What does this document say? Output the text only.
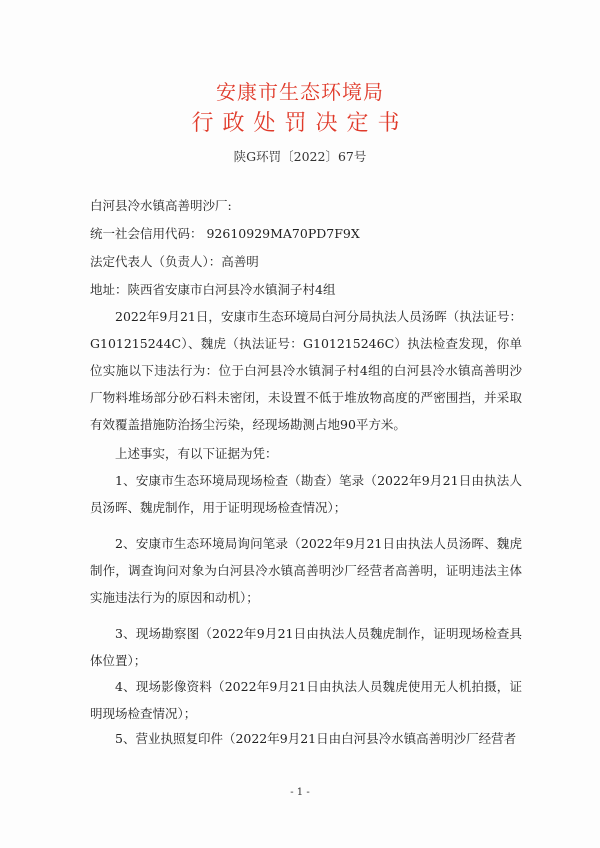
安康市生态环境局
行政处罚决定书
陕G环罚〔2022〕67号
白河县冷水镇高善明沙厂:
统一社会信用代码： 92610929MA70PD7F9X
法定代表人（负责人）：高善明
地址：陕西省安康市白河县冷水镇洞子村4组
2022年9月21日，安康市生态环境局白河分局执法人员汤晖（执法证号：G101215244C）、魏虎（执法证号：G101215246C）执法检查发现，你单位实施以下违法行为：位于白河县冷水镇洞子村4组的白河县冷水镇高善明沙厂物料堆场部分砂石料未密闭，未设置不低于堆放物高度的严密围挡，并采取有效覆盖措施防治扬尘污染，经现场勘测占地90平方米。
上述事实，有以下证据为凭：
1、安康市生态环境局现场检查（勘查）笔录（2022年9月21日由执法人员汤晖、魏虎制作，用于证明现场检查情况）；
2、安康市生态环境局询问笔录（2022年9月21日由执法人员汤晖、魏虎制作，调查询问对象为白河县冷水镇高善明沙厂经营者高善明，证明违法主体实施违法行为的原因和动机）；
3、现场勘察图（2022年9月21日由执法人员魏虎制作，证明现场检查具体位置）；
4、现场影像资料（2022年9月21日由执法人员魏虎使用无人机拍摄，证明现场检查情况）；
5、营业执照复印件（2022年9月21日由白河县冷水镇高善明沙厂经营者
- 1 -
